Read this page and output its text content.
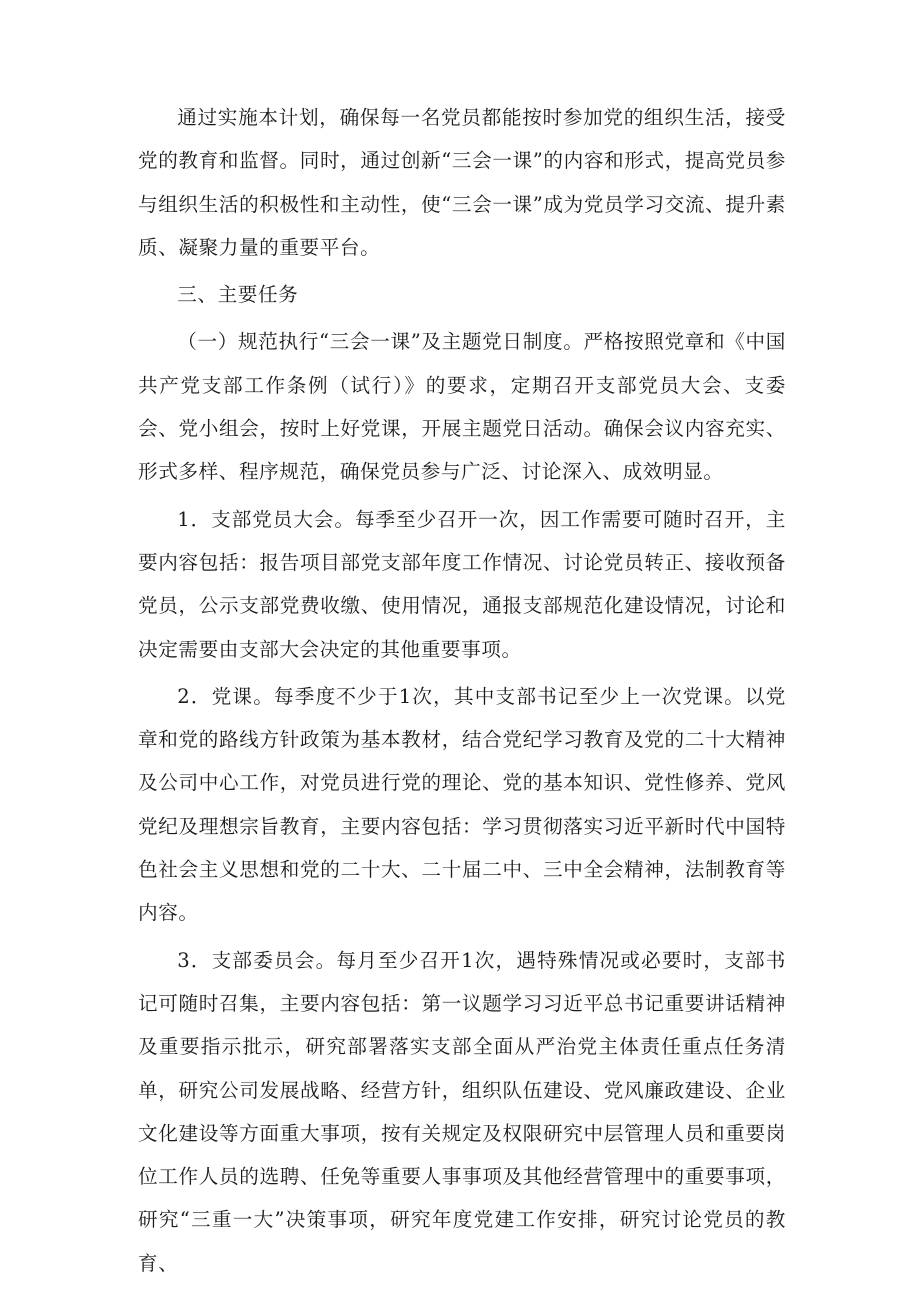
通过实施本计划，确保每一名党员都能按时参加党的组织生活，接受党的教育和监督。同时，通过创新“三会一课”的内容和形式，提高党员参与组织生活的积极性和主动性，使“三会一课”成为党员学习交流、提升素质、凝聚力量的重要平台。

三、主要任务

（一）规范执行“三会一课”及主题党日制度。严格按照党章和《中国共产党支部工作条例（试行）》的要求，定期召开支部党员大会、支委会、党小组会，按时上好党课，开展主题党日活动。确保会议内容充实、形式多样、程序规范，确保党员参与广泛、讨论深入、成效明显。

1．支部党员大会。每季至少召开一次，因工作需要可随时召开，主要内容包括：报告项目部党支部年度工作情况、讨论党员转正、接收预备党员，公示支部党费收缴、使用情况，通报支部规范化建设情况，讨论和决定需要由支部大会决定的其他重要事项。

2．党课。每季度不少于1次，其中支部书记至少上一次党课。以党章和党的路线方针政策为基本教材，结合党纪学习教育及党的二十大精神及公司中心工作，对党员进行党的理论、党的基本知识、党性修养、党风党纪及理想宗旨教育，主要内容包括：学习贯彻落实习近平新时代中国特色社会主义思想和党的二十大、二十届二中、三中全会精神，法制教育等内容。

3．支部委员会。每月至少召开1次，遇特殊情况或必要时，支部书记可随时召集，主要内容包括：第一议题学习习近平总书记重要讲话精神及重要指示批示，研究部署落实支部全面从严治党主体责任重点任务清单，研究公司发展战略、经营方针，组织队伍建设、党风廉政建设、企业文化建设等方面重大事项，按有关规定及权限研究中层管理人员和重要岗位工作人员的选聘、任免等重要人事事项及其他经营管理中的重要事项，研究“三重一大”决策事项，研究年度党建工作安排，研究讨论党员的教育、
